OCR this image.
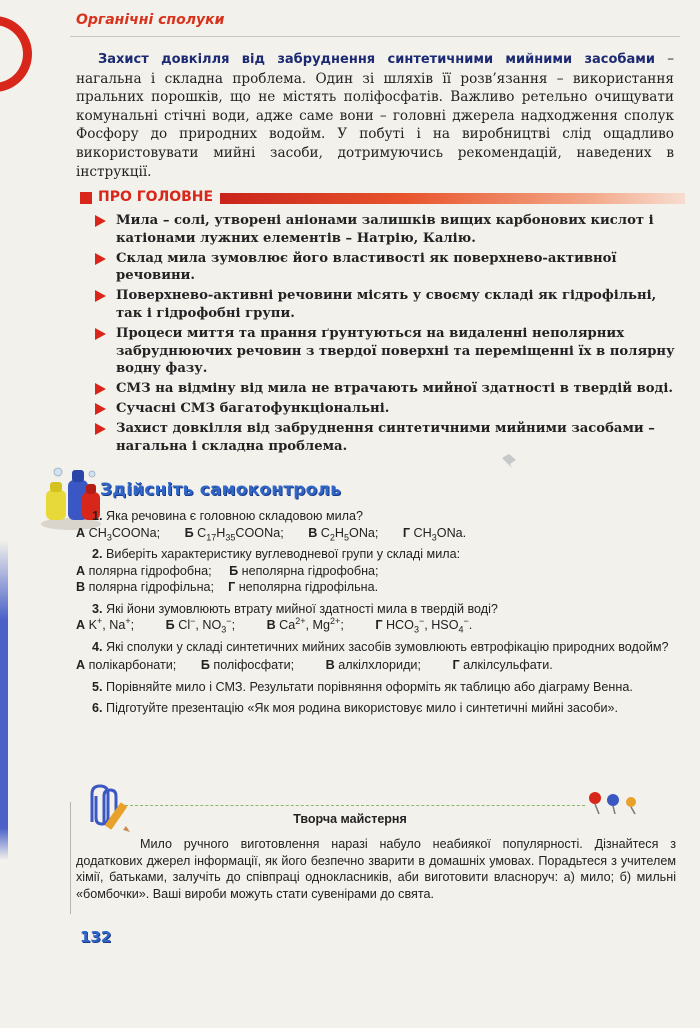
Органічні сполуки

Захист довкілля від забруднення синтетичними мийними засобами – нагальна і складна проблема. Один зі шляхів її розв’язання – використання пральних порошків, що не містять поліфосфатів. Важливо ретельно очищувати комунальні стічні води, адже саме вони – головні джерела надходження сполук Фосфору до природних водойм. У побуті і на виробництві слід ощадливо використовувати мийні засоби, дотримуючись рекомендацій, наведених в інструкції.

ПРО ГОЛОВНЕ
Мила – солі, утворені аніонами залишків вищих карбонових кислот і катіонами лужних елементів – Натрію, Калію.
Склад мила зумовлює його властивості як поверхнево-активної речовини.
Поверхнево-активні речовини місять у своєму складі як гідрофільні, так і гідрофобні групи.
Процеси миття та прання ґрунтуються на видаленні неполярних забруднюючих речовин з твердої поверхні та переміщенні їх в полярну водну фазу.
СМЗ на відміну від мила не втрачають мийної здатності в твердій воді.
Сучасні СМЗ багатофункціональні.
Захист довкілля від забруднення синтетичними мийними засобами – нагальна і складна проблема.
Здійсніть самоконтроль
1. Яка речовина є головною складовою мила?
А $CH_3COONa$;       Б $C_{17}H_{35}COONa$;       В $C_2H_5ONa$;       Г $CH_3ONa$.
2. Виберіть характеристику вуглеводневої групи у складі мила:
А полярна гідрофобна; Б неполярна гідрофобна;
В полярна гідрофільна; Г неполярна гідрофільна.
3. Які йони зумовлюють втрату мийної здатності мила в твердій воді?
А K+, Na+;         Б Cl−, $NO_3^-$;         В $Ca^{2+}$, $Mg^{2+}$;         Г $HCO_3^-$, $HSO_4^-$.
4. Які сполуки у складі синтетичних мийних засобів зумовлюють евтрофікацію природних водойм?
А полікарбонати; Б поліфосфати;	В алкілхлориди;	Г алкілсульфати.
5. Порівняйте мило і СМЗ. Результати порівняння оформіть як таблицю або діаграму Венна.
6. Підготуйте презентацію «Як моя родина використовує мило і синтетичні мийні засоби».
Творча майстерня

Мило ручного виготовлення наразі набуло неабиякої популярності. Дізнайтеся з додаткових джерел інформації, як його безпечно зварити в домашніх умовах. Порадьтеся з учителем хімії, батьками, залучіть до співпраці однокласників, аби виготовити власноруч: а) мило; б) мильні «бомбочки». Ваші вироби можуть стати сувенірами до свята.

132
